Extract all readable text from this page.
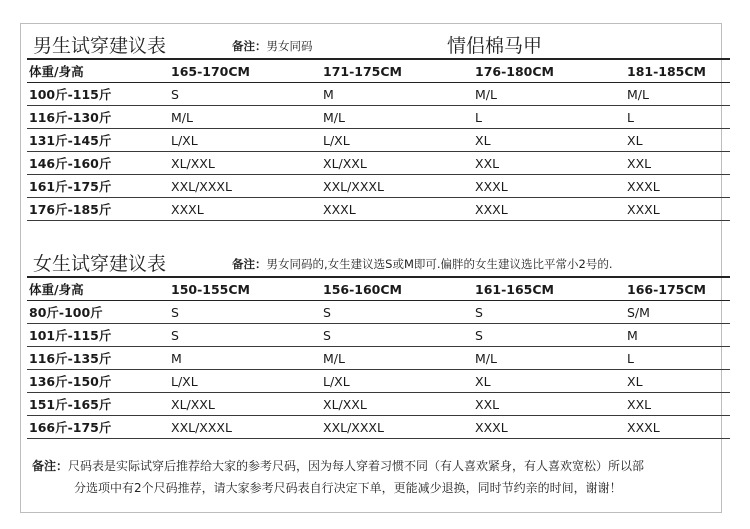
男生试穿建议表	备注：男女同码	情侣棉马甲
体重/身高	165-170CM	171-175CM	176-180CM	181-185CM
100斤-115斤	S	M	M/L	M/L
116斤-130斤	M/L	M/L	L	L
131斤-145斤	L/XL	L/XL	XL	XL
146斤-160斤	XL/XXL	XL/XXL	XXL	XXL
161斤-175斤	XXL/XXXL	XXL/XXXL	XXXL	XXXL
176斤-185斤	XXXL	XXXL	XXXL	XXXL
女生试穿建议表	备注：男女同码的,女生建议选S或M即可.偏胖的女生建议选比平常小2号的.
体重/身高	150-155CM	156-160CM	161-165CM	166-175CM
80斤-100斤	S	S	S	S/M
101斤-115斤	S	S	S	M
116斤-135斤	M	M/L	M/L	L
136斤-150斤	L/XL	L/XL	XL	XL
151斤-165斤	XL/XXL	XL/XXL	XXL	XXL
166斤-175斤	XXL/XXXL	XXL/XXXL	XXXL	XXXL
备注：尺码表是实际试穿后推荐给大家的参考尺码，因为每人穿着习惯不同（有人喜欢紧身，有人喜欢宽松）所以部
分选项中有2个尺码推荐，请大家参考尺码表自行决定下单，更能减少退换，同时节约亲的时间，谢谢！
